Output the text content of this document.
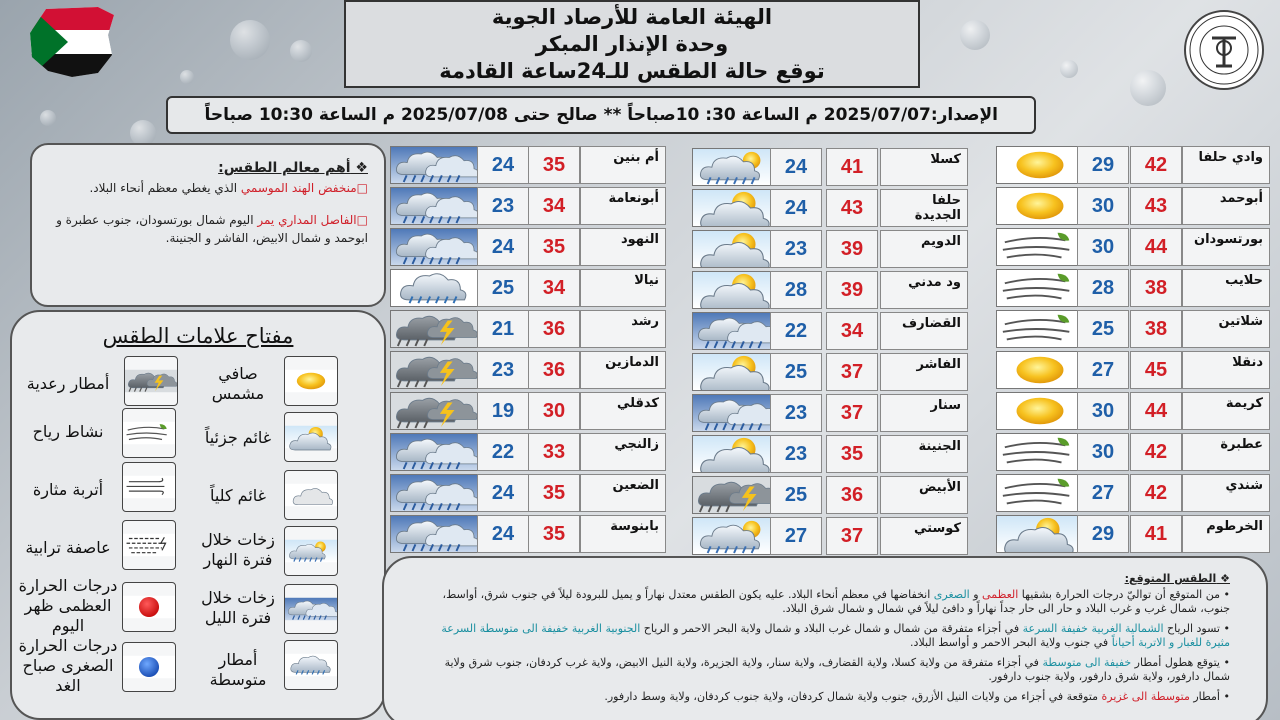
الهيئة العامة للأرصاد الجوية
وحدة الإنذار المبكر
توقع حالة الطقس للـ24ساعة القادمة
الإصدار:2025/07/07 م الساعة 30: 10صباحاً ** صالح حتى 2025/07/08 م الساعة 10:30 صباحاً
❖ أهم معالم الطقس:

□منخفض الهند الموسمي الذي يغطي معظم أنحاء البلاد.

□الفاصل المداري يمر اليوم شمال بورتسودان، جنوب عطبرة و ابوحمد و شمال الابيض، الفاشر و الجنينة.

مفتاح علامات الطقس
صافي مشمس
أمطار رعدية
غائم جزئياً
نشاط رياح
غائم كلياً
أتربة مثارة
زخات خلال فترة النهار
عاصفة ترابية
زخات خلال فترة الليل
درجات الحرارة العظمى ظهر اليوم
أمطار متوسطة
درجات الحرارة الصغرى صباح الغد
29	42	وادي حلفا
30	43	أبوحمد
30	44	بورتسودان
28	38	حلايب
25	38	شلاتين
27	45	دنقلا
30	44	كريمة
30	42	عطبرة
27	42	شندي
29	41	الخرطوم
24	41	كسلا
24	43	حلفا الجديدة
23	39	الدويم
28	39	ود مدني
22	34	القضارف
25	37	الفاشر
23	37	سنار
23	35	الجنينة
25	36	الأبيض
27	37	كوستي
24	35	أم بنين
23	34	أبونعامة
24	35	النهود
25	34	نيالا
21	36	رشد
23	36	الدمازين
19	30	كدقلي
22	33	زالنجي
24	35	الضعين
24	35	بابنوسة
❖ الطقس المتوقع:
• من المتوقع أن تواليّ درجات الحرارة بشقيها العظمى و الصغرى انخفاضها في معظم أنحاء البلاد. عليه يكون الطقس معتدل نهاراً و يميل للبرودة ليلاً في جنوب شرق، أواسط، جنوب، شمال غرب و غرب البلاد و حار الى حار جداً نهاراً و دافئ ليلاً في شمال و شمال شرق البلاد.
• تسود الرياح الشمالية الغربية خفيفة السرعة في أجزاء متفرقة من شمال و شمال غرب البلاد و شمال ولاية البحر الاحمر و الرياح الجنوبية الغربية خفيفة الى متوسطة السرعة مثيرة للغبار و الاتربة أحياناً في جنوب ولاية البحر الاحمر و أواسط البلاد.
• يتوقع هطول أمطار خفيفة الى متوسطة في أجزاء متفرقة من ولاية كسلا، ولاية القضارف، ولاية سنار، ولاية الجزيرة، ولاية النيل الابيض، ولاية غرب كردفان، جنوب شرق ولاية شمال دارفور، ولاية شرق دارفور، ولاية جنوب دارفور.
• أمطار متوسطة الى غزيرة متوقعة في أجزاء من ولايات النيل الأزرق، جنوب ولاية شمال كردفان، ولاية جنوب كردفان، ولاية وسط دارفور.
